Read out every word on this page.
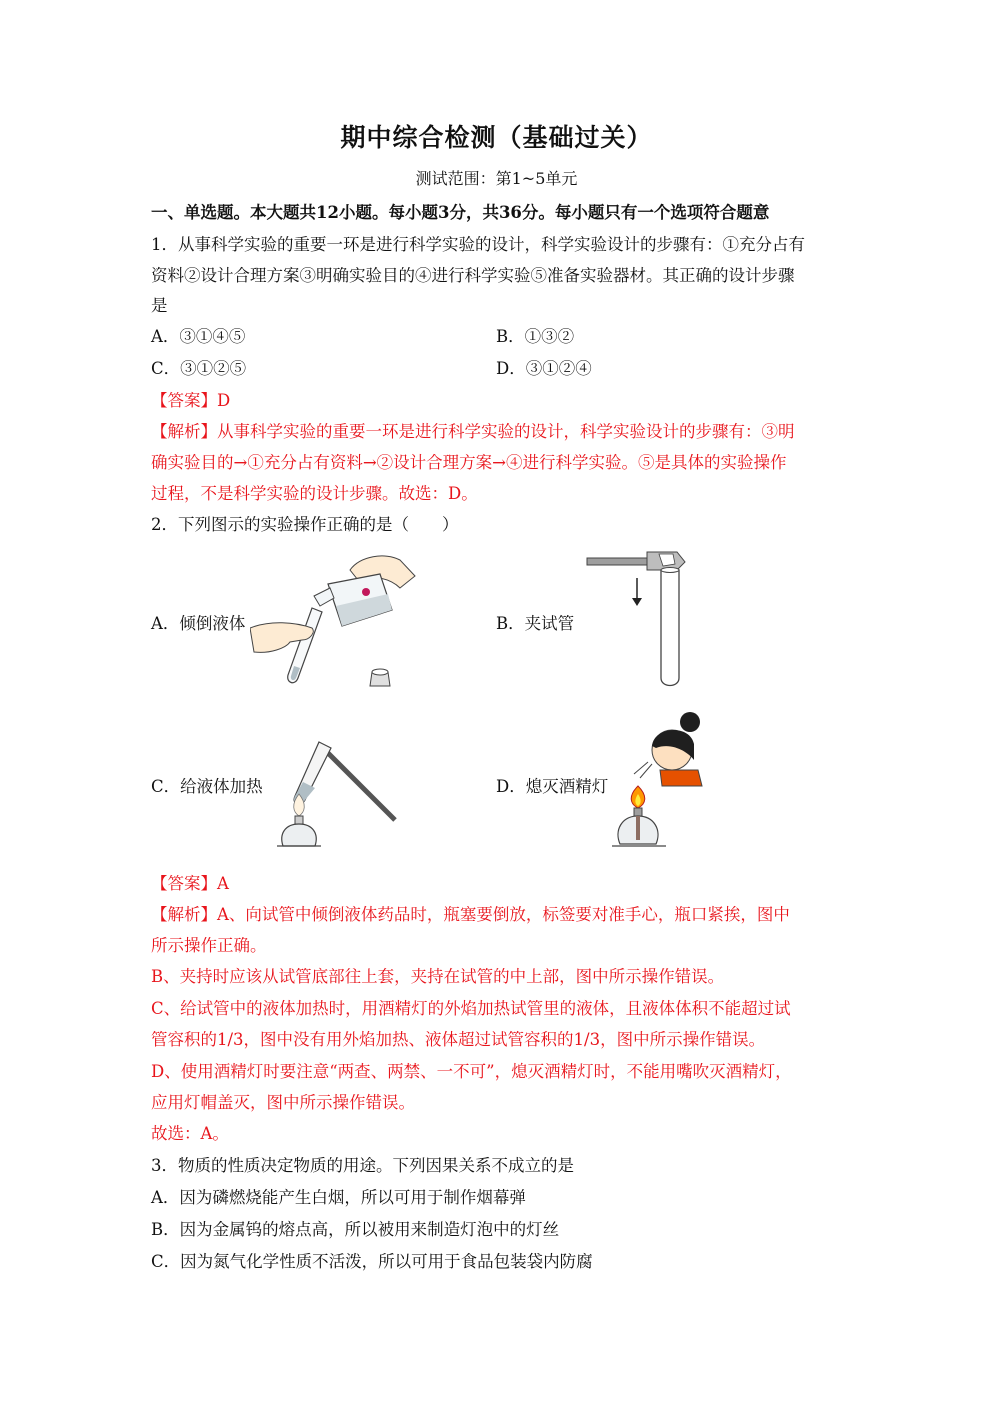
期中综合检测（基础过关）
测试范围：第1~5单元
一、单选题。本大题共12小题。每小题3分，共36分。每小题只有一个选项符合题意
1．从事科学实验的重要一环是进行科学实验的设计，科学实验设计的步骤有：①充分占有
资料②设计合理方案③明确实验目的④进行科学实验⑤准备实验器材。其正确的设计步骤
是
A．③①④⑤	B．①③②
C．③①②⑤	D．③①②④
【答案】D
【解析】从事科学实验的重要一环是进行科学实验的设计，科学实验设计的步骤有：③明
确实验目的→①充分占有资料→②设计合理方案→④进行科学实验。⑤是具体的实验操作
过程，不是科学实验的设计步骤。故选：D。
2．下列图示的实验操作正确的是（　　）
A．倾倒液体	B．夹试管
C．给液体加热	D．熄灭酒精灯
【答案】A
【解析】A、向试管中倾倒液体药品时，瓶塞要倒放，标签要对准手心，瓶口紧挨，图中
所示操作正确。
B、夹持时应该从试管底部往上套，夹持在试管的中上部，图中所示操作错误。
C、给试管中的液体加热时，用酒精灯的外焰加热试管里的液体，且液体体积不能超过试
管容积的1/3，图中没有用外焰加热、液体超过试管容积的1/3，图中所示操作错误。
D、使用酒精灯时要注意“两查、两禁、一不可”，熄灭酒精灯时，不能用嘴吹灭酒精灯，
应用灯帽盖灭，图中所示操作错误。
故选：A。
3．物质的性质决定物质的用途。下列因果关系不成立的是
A．因为磷燃烧能产生白烟，所以可用于制作烟幕弹
B．因为金属钨的熔点高，所以被用来制造灯泡中的灯丝
C．因为氮气化学性质不活泼，所以可用于食品包装袋内防腐
